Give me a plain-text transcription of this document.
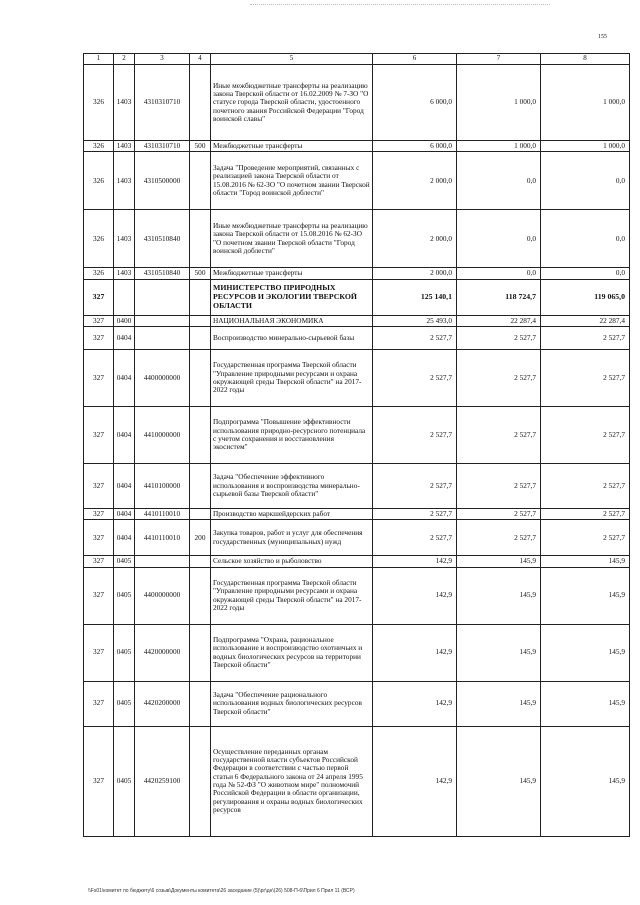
155
1	2	3	4	5	6	7	8
326	1403	4310310710		Иные межбюджетные трансферты на реализацию закона Тверской области от 16.02.2009 № 7-ЗО "О статусе города Тверской области, удостоенного почетного звания Российской Федерации "Город воинской славы"	6 000,0	1 000,0	1 000,0
326	1403	4310310710	500	Межбюджетные трансферты	6 000,0	1 000,0	1 000,0
326	1403	4310500000		Задача "Проведение мероприятий, связанных с реализацией закона Тверской области от 15.08.2016 № 62-ЗО "О почетном звании Тверской области "Город воинской доблести"	2 000,0	0,0	0,0
326	1403	4310510840		Иные межбюджетные трансферты на реализацию закона Тверской области от 15.08.2016 № 62-ЗО "О почетном звании Тверской области "Город воинской доблести"	2 000,0	0,0	0,0
326	1403	4310510840	500	Межбюджетные трансферты	2 000,0	0,0	0,0
327				МИНИСТЕРСТВО ПРИРОДНЫХ РЕСУРСОВ И ЭКОЛОГИИ ТВЕРСКОЙ ОБЛАСТИ	125 140,1	118 724,7	119 065,0
327	0400			НАЦИОНАЛЬНАЯ ЭКОНОМИКА	25 493,0	22 287,4	22 287,4
327	0404			Воспроизводство минерально-сырьевой базы	2 527,7	2 527,7	2 527,7
327	0404	4400000000		Государственная программа Тверской области "Управление природными ресурсами и охрана окружающей среды Тверской области" на 2017-2022 годы	2 527,7	2 527,7	2 527,7
327	0404	4410000000		Подпрограмма "Повышение эффективности использования природно-ресурсного потенциала с учетом сохранения и восстановления экосистем"	2 527,7	2 527,7	2 527,7
327	0404	4410100000		Задача "Обеспечение эффективного использования и воспроизводства минерально-сырьевой базы Тверской области"	2 527,7	2 527,7	2 527,7
327	0404	4410110010		Производство маркшейдерских работ	2 527,7	2 527,7	2 527,7
327	0404	4410110010	200	Закупка товаров, работ и услуг для обеспечения государственных (муниципальных) нужд	2 527,7	2 527,7	2 527,7
327	0405			Сельское хозяйство и рыболовство	142,9	145,9	145,9
327	0405	4400000000		Государственная программа Тверской области "Управление природными ресурсами и охрана окружающей среды Тверской области" на 2017-2022 годы	142,9	145,9	145,9
327	0405	4420000000		Подпрограмма "Охрана, рациональное использование и воспроизводство охотничьих и водных биологических ресурсов на территории Тверской области"	142,9	145,9	145,9
327	0405	4420200000		Задача "Обеспечение рационального использования водных биологических ресурсов Тверской области"	142,9	145,9	145,9
327	0405	4420259100		Осуществление переданных органам государственной власти субъектов Российской Федерации в соответствии с частью первой статьи 6 Федерального закона от 24 апреля 1995 года № 52-ФЗ "О животном мире" полномочий Российской Федерации в области организации, регулирования и охраны водных биологических ресурсов	142,9	145,9	145,9
\\Fs01\комитет по бюджету\6 созыв\Документы комитета\26 заседание (5)\рг\дн\(26) 508-П-6\Прил 6 Прил 11 (ВСР)
